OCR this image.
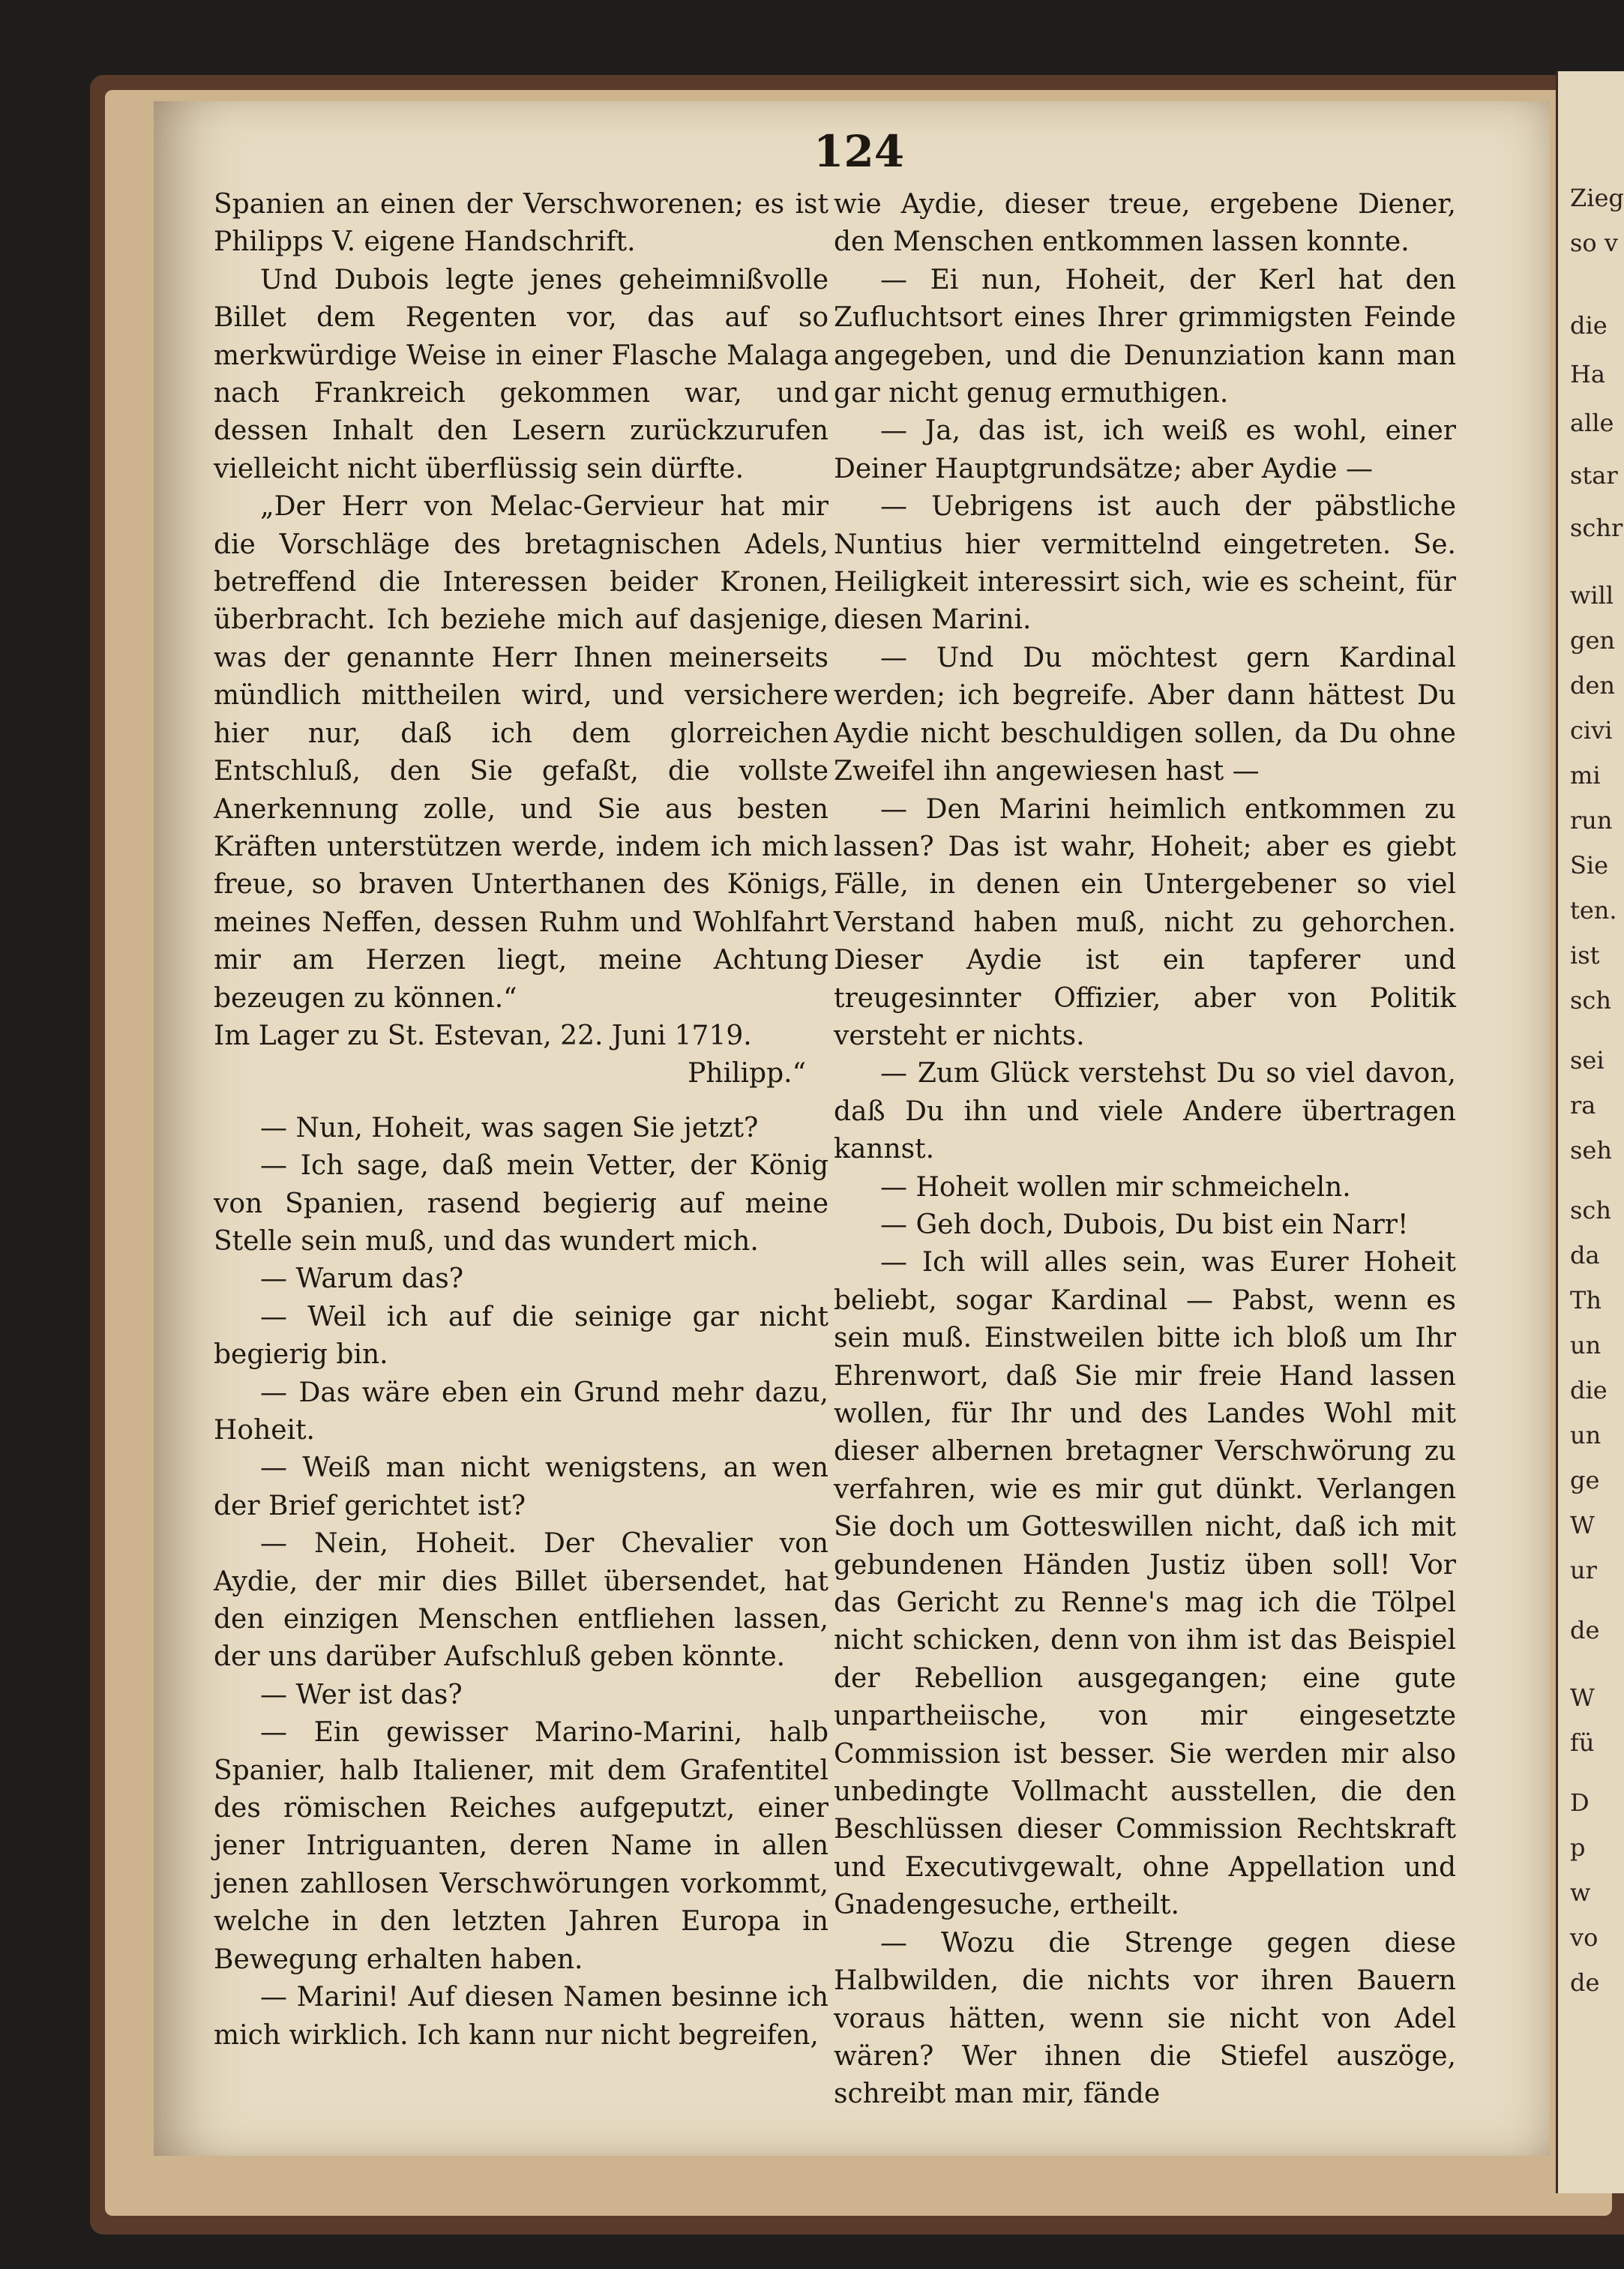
Zieg
so v
die
Ha
alle
star
schr
will
gen
den
civi
mi
run
Sie
ten.
ist
sch
sei
ra
seh
sch
da
Th
un
die
un
ge
W
ur
de
W
fü
D
p
w
vo
de
124

Spanien an einen der Verschworenen; es ist Philipps V. eigene Handschrift.

Und Dubois legte jenes geheimnißvolle Billet dem Regenten vor, das auf so merkwürdige Weise in einer Flasche Malaga nach Frankreich gekommen war, und dessen Inhalt den Lesern zurückzurufen vielleicht nicht überflüssig sein dürfte.

„Der Herr von Melac-Gervieur hat mir die Vorschläge des bretagnischen Adels, betreffend die Interessen beider Kronen, überbracht. Ich beziehe mich auf dasjenige, was der genannte Herr Ihnen meinerseits mündlich mittheilen wird, und versichere hier nur, daß ich dem glorreichen Entschluß, den Sie gefaßt, die vollste Anerkennung zolle, und Sie aus besten Kräften unterstützen werde, indem ich mich freue, so braven Unterthanen des Königs, meines Neffen, dessen Ruhm und Wohlfahrt mir am Herzen liegt, meine Achtung bezeugen zu können.“

Im Lager zu St. Estevan, 22. Juni 1719.

Philipp.“

— Nun, Hoheit, was sagen Sie jetzt?

— Ich sage, daß mein Vetter, der König von Spanien, rasend begierig auf meine Stelle sein muß, und das wundert mich.

— Warum das?

— Weil ich auf die seinige gar nicht begierig bin.

— Das wäre eben ein Grund mehr dazu, Hoheit.

— Weiß man nicht wenigstens, an wen der Brief gerichtet ist?

— Nein, Hoheit. Der Chevalier von Aydie, der mir dies Billet übersendet, hat den einzigen Menschen entfliehen lassen, der uns darüber Aufschluß geben könnte.

— Wer ist das?

— Ein gewisser Marino-Marini, halb Spanier, halb Italiener, mit dem Grafentitel des römischen Reiches aufgeputzt, einer jener Intriguanten, deren Name in allen jenen zahllosen Verschwörungen vorkommt, welche in den letzten Jahren Europa in Bewegung erhalten haben.

— Marini! Auf diesen Namen besinne ich mich wirklich. Ich kann nur nicht begreifen,

wie Aydie, dieser treue, ergebene Diener, den Menschen entkommen lassen konnte.

— Ei nun, Hoheit, der Kerl hat den Zufluchtsort eines Ihrer grimmigsten Feinde angegeben, und die Denunziation kann man gar nicht genug ermuthigen.

— Ja, das ist, ich weiß es wohl, einer Deiner Hauptgrundsätze; aber Aydie —

— Uebrigens ist auch der päbstliche Nuntius hier vermittelnd eingetreten. Se. Heiligkeit interessirt sich, wie es scheint, für diesen Marini.

— Und Du möchtest gern Kardinal werden; ich begreife. Aber dann hättest Du Aydie nicht beschuldigen sollen, da Du ohne Zweifel ihn angewiesen hast —

— Den Marini heimlich entkommen zu lassen? Das ist wahr, Hoheit; aber es giebt Fälle, in denen ein Untergebener so viel Verstand haben muß, nicht zu gehorchen. Dieser Aydie ist ein tapferer und treugesinnter Offizier, aber von Politik versteht er nichts.

— Zum Glück verstehst Du so viel davon, daß Du ihn und viele Andere übertragen kannst.

— Hoheit wollen mir schmeicheln.

— Geh doch, Dubois, Du bist ein Narr!

— Ich will alles sein, was Eurer Hoheit beliebt, sogar Kardinal — Pabst, wenn es sein muß. Einstweilen bitte ich bloß um Ihr Ehrenwort, daß Sie mir freie Hand lassen wollen, für Ihr und des Landes Wohl mit dieser albernen bretagner Verschwörung zu verfahren, wie es mir gut dünkt. Verlangen Sie doch um Gotteswillen nicht, daß ich mit gebundenen Händen Justiz üben soll! Vor das Gericht zu Renne's mag ich die Tölpel nicht schicken, denn von ihm ist das Beispiel der Rebellion ausgegangen; eine gute unpartheiische, von mir eingesetzte Commission ist besser. Sie werden mir also unbedingte Vollmacht ausstellen, die den Beschlüssen dieser Commission Rechtskraft und Executivgewalt, ohne Appellation und Gnadengesuche, ertheilt.

— Wozu die Strenge gegen diese Halbwilden, die nichts vor ihren Bauern voraus hätten, wenn sie nicht von Adel wären? Wer ihnen die Stiefel auszöge, schreibt man mir, fände
